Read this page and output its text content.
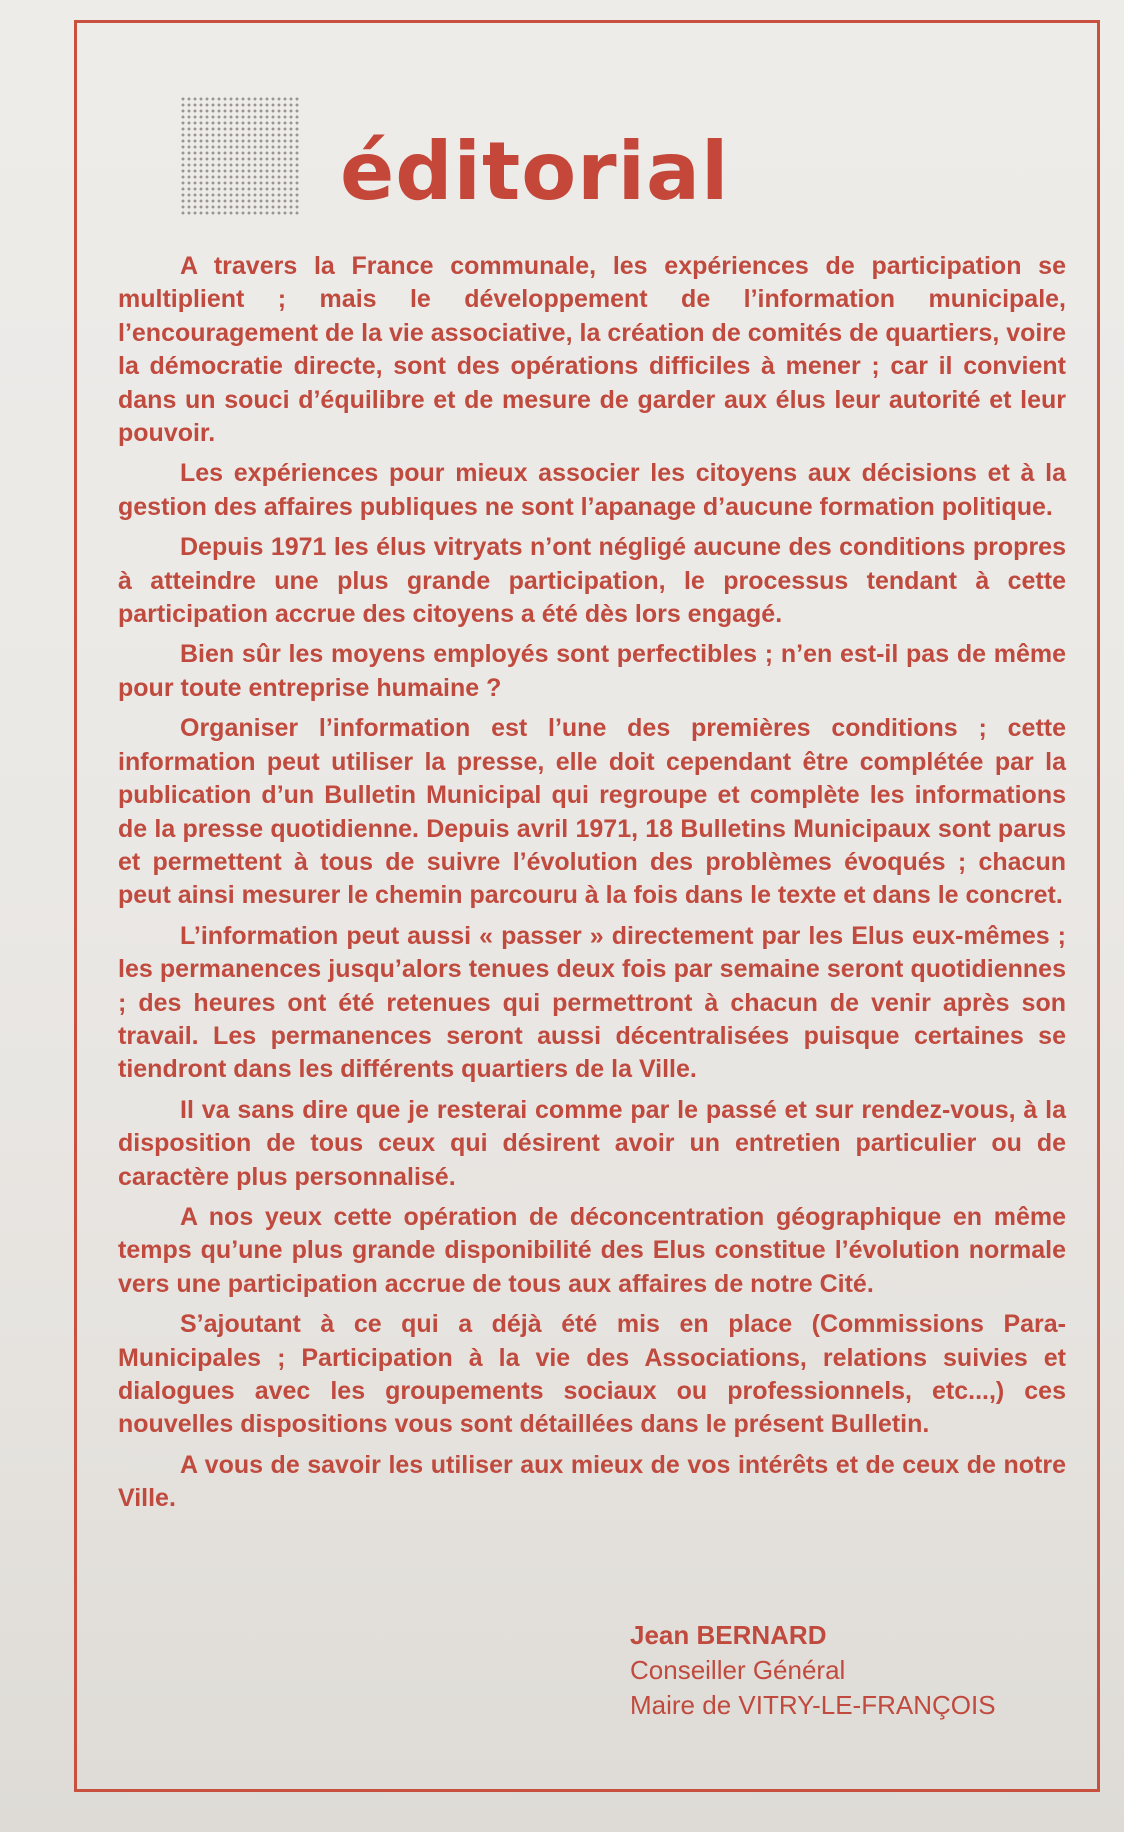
éditorial

A travers la France communale, les expériences de participation se multiplient ; mais le développement de l’information municipale, l’encouragement de la vie associative, la création de comités de quartiers, voire la démocratie directe, sont des opérations difficiles à mener ; car il convient dans un souci d’équilibre et de mesure de garder aux élus leur autorité et leur pouvoir.

Les expériences pour mieux associer les citoyens aux décisions et à la gestion des affaires publiques ne sont l’apanage d’aucune formation politique.

Depuis 1971 les élus vitryats n’ont négligé aucune des conditions propres à atteindre une plus grande participation, le processus tendant à cette participation accrue des citoyens a été dès lors engagé.

Bien sûr les moyens employés sont perfectibles ; n’en est-il pas de même pour toute entreprise humaine ?

Organiser l’information est l’une des premières conditions ; cette information peut utiliser la presse, elle doit cependant être complétée par la publication d’un Bulletin Municipal qui regroupe et complète les informations de la presse quotidienne. Depuis avril 1971, 18 Bulletins Municipaux sont parus et permettent à tous de suivre l’évolution des problèmes évoqués ; chacun peut ainsi mesurer le chemin parcouru à la fois dans le texte et dans le concret.

L’information peut aussi « passer » directement par les Elus eux-mêmes ; les permanences jusqu’alors tenues deux fois par semaine seront quotidiennes ; des heures ont été retenues qui permettront à chacun de venir après son travail. Les permanences seront aussi décentralisées puisque certaines se tiendront dans les différents quartiers de la Ville.

Il va sans dire que je resterai comme par le passé et sur rendez-vous, à la disposition de tous ceux qui désirent avoir un entretien particulier ou de caractère plus personnalisé.

A nos yeux cette opération de déconcentration géographique en même temps qu’une plus grande disponibilité des Elus constitue l’évolution normale vers une participation accrue de tous aux affaires de notre Cité.

S’ajoutant à ce qui a déjà été mis en place (Commissions Para-Municipales ; Participation à la vie des Associations, relations suivies et dialogues avec les groupements sociaux ou professionnels, etc...,) ces nouvelles dispositions vous sont détaillées dans le présent Bulletin.

A vous de savoir les utiliser aux mieux de vos intérêts et de ceux de notre Ville.

Jean BERNARD
Conseiller Général
Maire de VITRY-LE-FRANÇOIS
